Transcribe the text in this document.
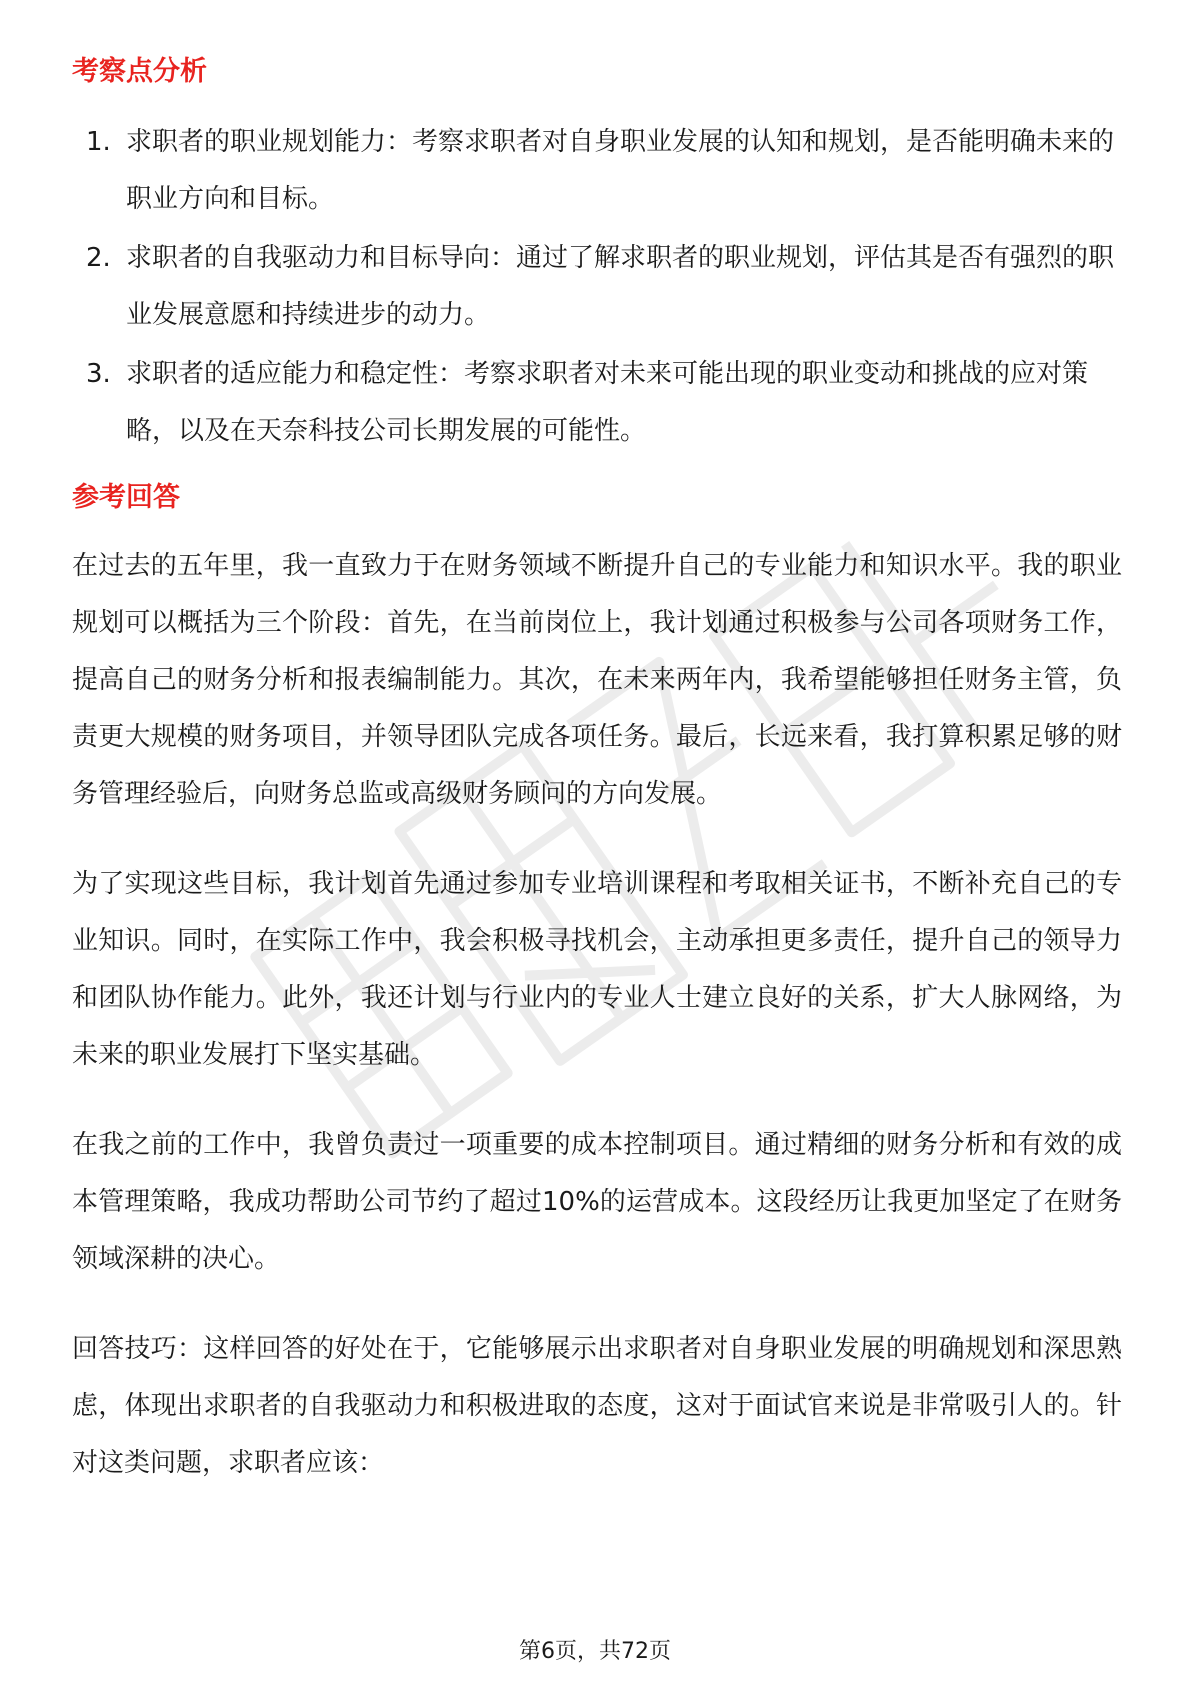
考察点分析
1. 求职者的职业规划能力：考察求职者对自身职业发展的认知和规划，是否能明确未来的职业方向和目标。
2. 求职者的自我驱动力和目标导向：通过了解求职者的职业规划，评估其是否有强烈的职业发展意愿和持续进步的动力。
3. 求职者的适应能力和稳定性：考察求职者对未来可能出现的职业变动和挑战的应对策略，以及在天奈科技公司长期发展的可能性。
参考回答

在过去的五年里，我一直致力于在财务领域不断提升自己的专业能力和知识水平。我的职业规划可以概括为三个阶段：首先，在当前岗位上，我计划通过积极参与公司各项财务工作，提高自己的财务分析和报表编制能力。其次，在未来两年内，我希望能够担任财务主管，负责更大规模的财务项目，并领导团队完成各项任务。最后，长远来看，我打算积累足够的财务管理经验后，向财务总监或高级财务顾问的方向发展。

为了实现这些目标，我计划首先通过参加专业培训课程和考取相关证书，不断补充自己的专业知识。同时，在实际工作中，我会积极寻找机会，主动承担更多责任，提升自己的领导力和团队协作能力。此外，我还计划与行业内的专业人士建立良好的关系，扩大人脉网络，为未来的职业发展打下坚实基础。

在我之前的工作中，我曾负责过一项重要的成本控制项目。通过精细的财务分析和有效的成本管理策略，我成功帮助公司节约了超过10%的运营成本。这段经历让我更加坚定了在财务领域深耕的决心。

回答技巧：这样回答的好处在于，它能够展示出求职者对自身职业发展的明确规划和深思熟虑，体现出求职者的自我驱动力和积极进取的态度，这对于面试官来说是非常吸引人的。针对这类问题，求职者应该：

第6页，共72页
